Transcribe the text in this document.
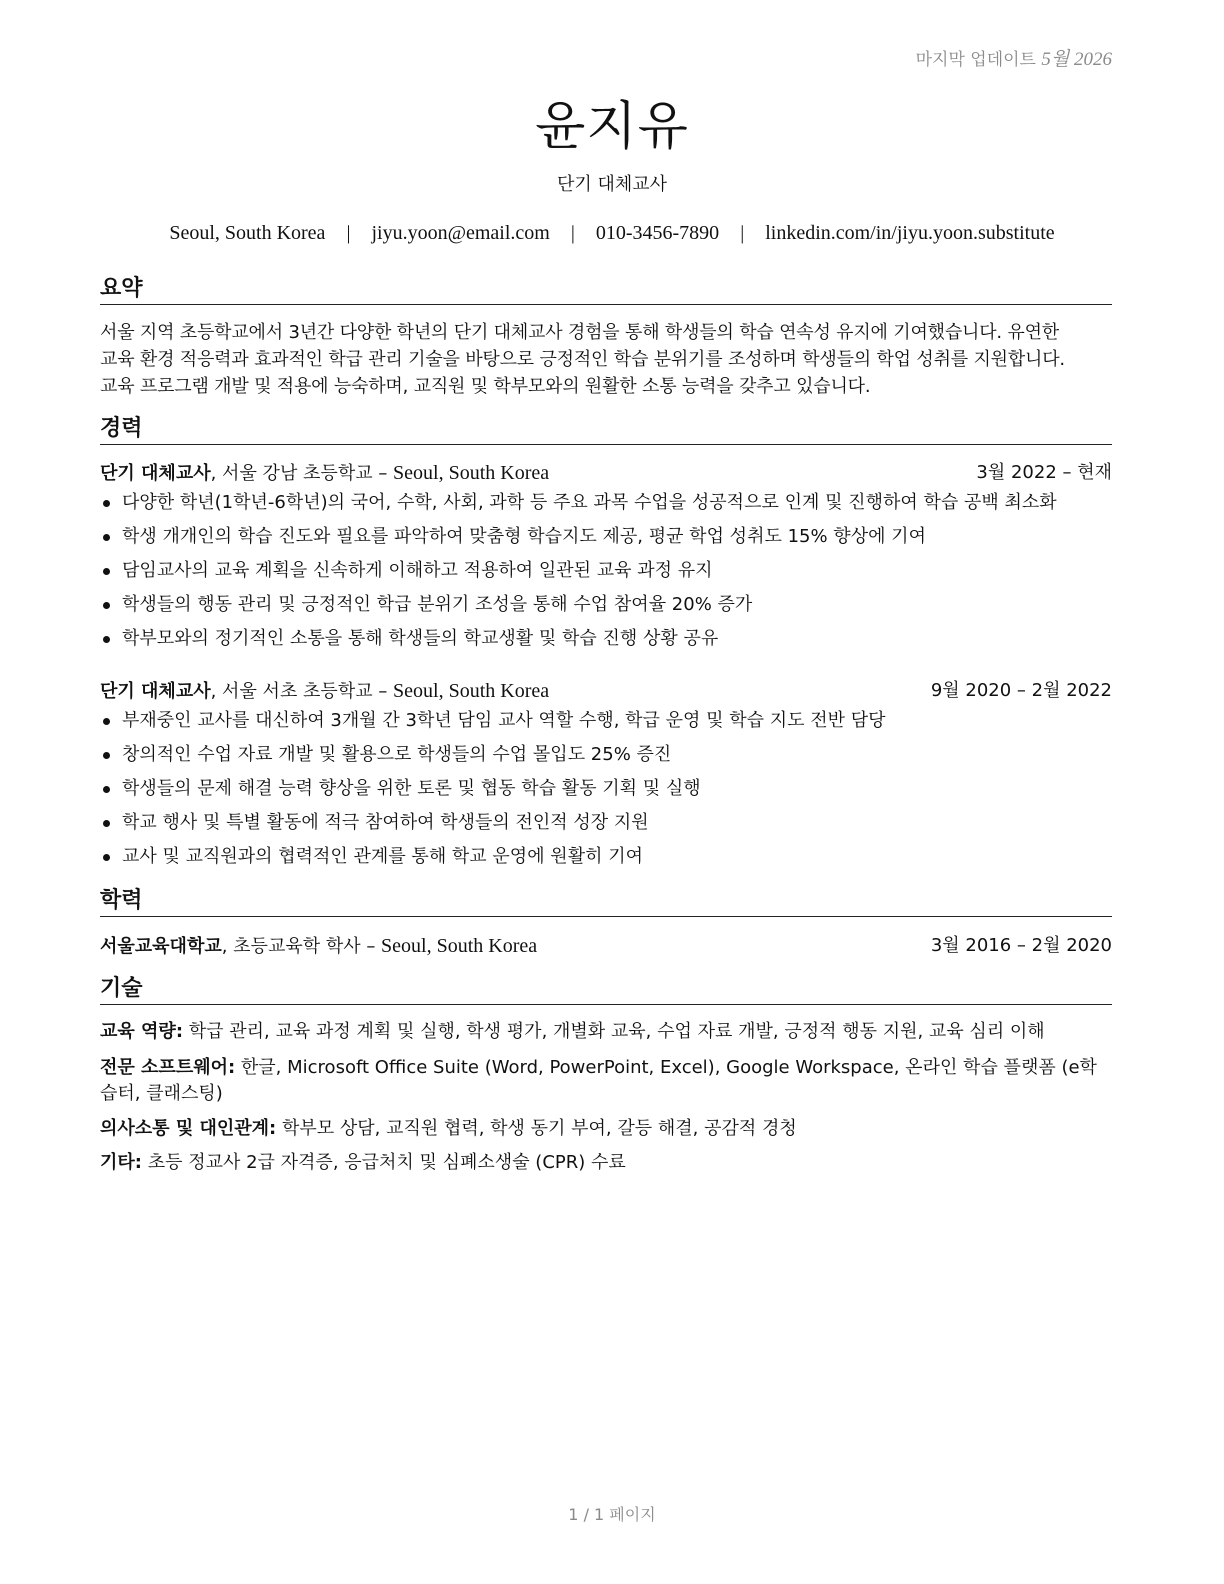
마지막 업데이트 5월 2026
윤지유
단기 대체교사
Seoul, South Korea | jiyu.yoon@email.com | 010-3456-7890 | linkedin.com/in/jiyu.yoon.substitute
요약
서울 지역 초등학교에서 3년간 다양한 학년의 단기 대체교사 경험을 통해 학생들의 학습 연속성 유지에 기여했습니다. 유연한
교육 환경 적응력과 효과적인 학급 관리 기술을 바탕으로 긍정적인 학습 분위기를 조성하며 학생들의 학업 성취를 지원합니다.
교육 프로그램 개발 및 적용에 능숙하며, 교직원 및 학부모와의 원활한 소통 능력을 갖추고 있습니다.
경력
단기 대체교사, 서울 강남 초등학교 – Seoul, South Korea	3월 2022 – 현재
다양한 학년(1학년-6학년)의 국어, 수학, 사회, 과학 등 주요 과목 수업을 성공적으로 인계 및 진행하여 학습 공백 최소화
학생 개개인의 학습 진도와 필요를 파악하여 맞춤형 학습지도 제공, 평균 학업 성취도 15% 향상에 기여
담임교사의 교육 계획을 신속하게 이해하고 적용하여 일관된 교육 과정 유지
학생들의 행동 관리 및 긍정적인 학급 분위기 조성을 통해 수업 참여율 20% 증가
학부모와의 정기적인 소통을 통해 학생들의 학교생활 및 학습 진행 상황 공유
단기 대체교사, 서울 서초 초등학교 – Seoul, South Korea	9월 2020 – 2월 2022
부재중인 교사를 대신하여 3개월 간 3학년 담임 교사 역할 수행, 학급 운영 및 학습 지도 전반 담당
창의적인 수업 자료 개발 및 활용으로 학생들의 수업 몰입도 25% 증진
학생들의 문제 해결 능력 향상을 위한 토론 및 협동 학습 활동 기획 및 실행
학교 행사 및 특별 활동에 적극 참여하여 학생들의 전인적 성장 지원
교사 및 교직원과의 협력적인 관계를 통해 학교 운영에 원활히 기여
학력
서울교육대학교, 초등교육학 학사 – Seoul, South Korea	3월 2016 – 2월 2020
기술
교육 역량: 학급 관리, 교육 과정 계획 및 실행, 학생 평가, 개별화 교육, 수업 자료 개발, 긍정적 행동 지원, 교육 심리 이해
전문 소프트웨어: 한글, Microsoft Office Suite (Word, PowerPoint, Excel), Google Workspace, 온라인 학습 플랫폼 (e학습터, 클래스팅)
의사소통 및 대인관계: 학부모 상담, 교직원 협력, 학생 동기 부여, 갈등 해결, 공감적 경청
기타: 초등 정교사 2급 자격증, 응급처치 및 심폐소생술 (CPR) 수료
1 / 1 페이지
